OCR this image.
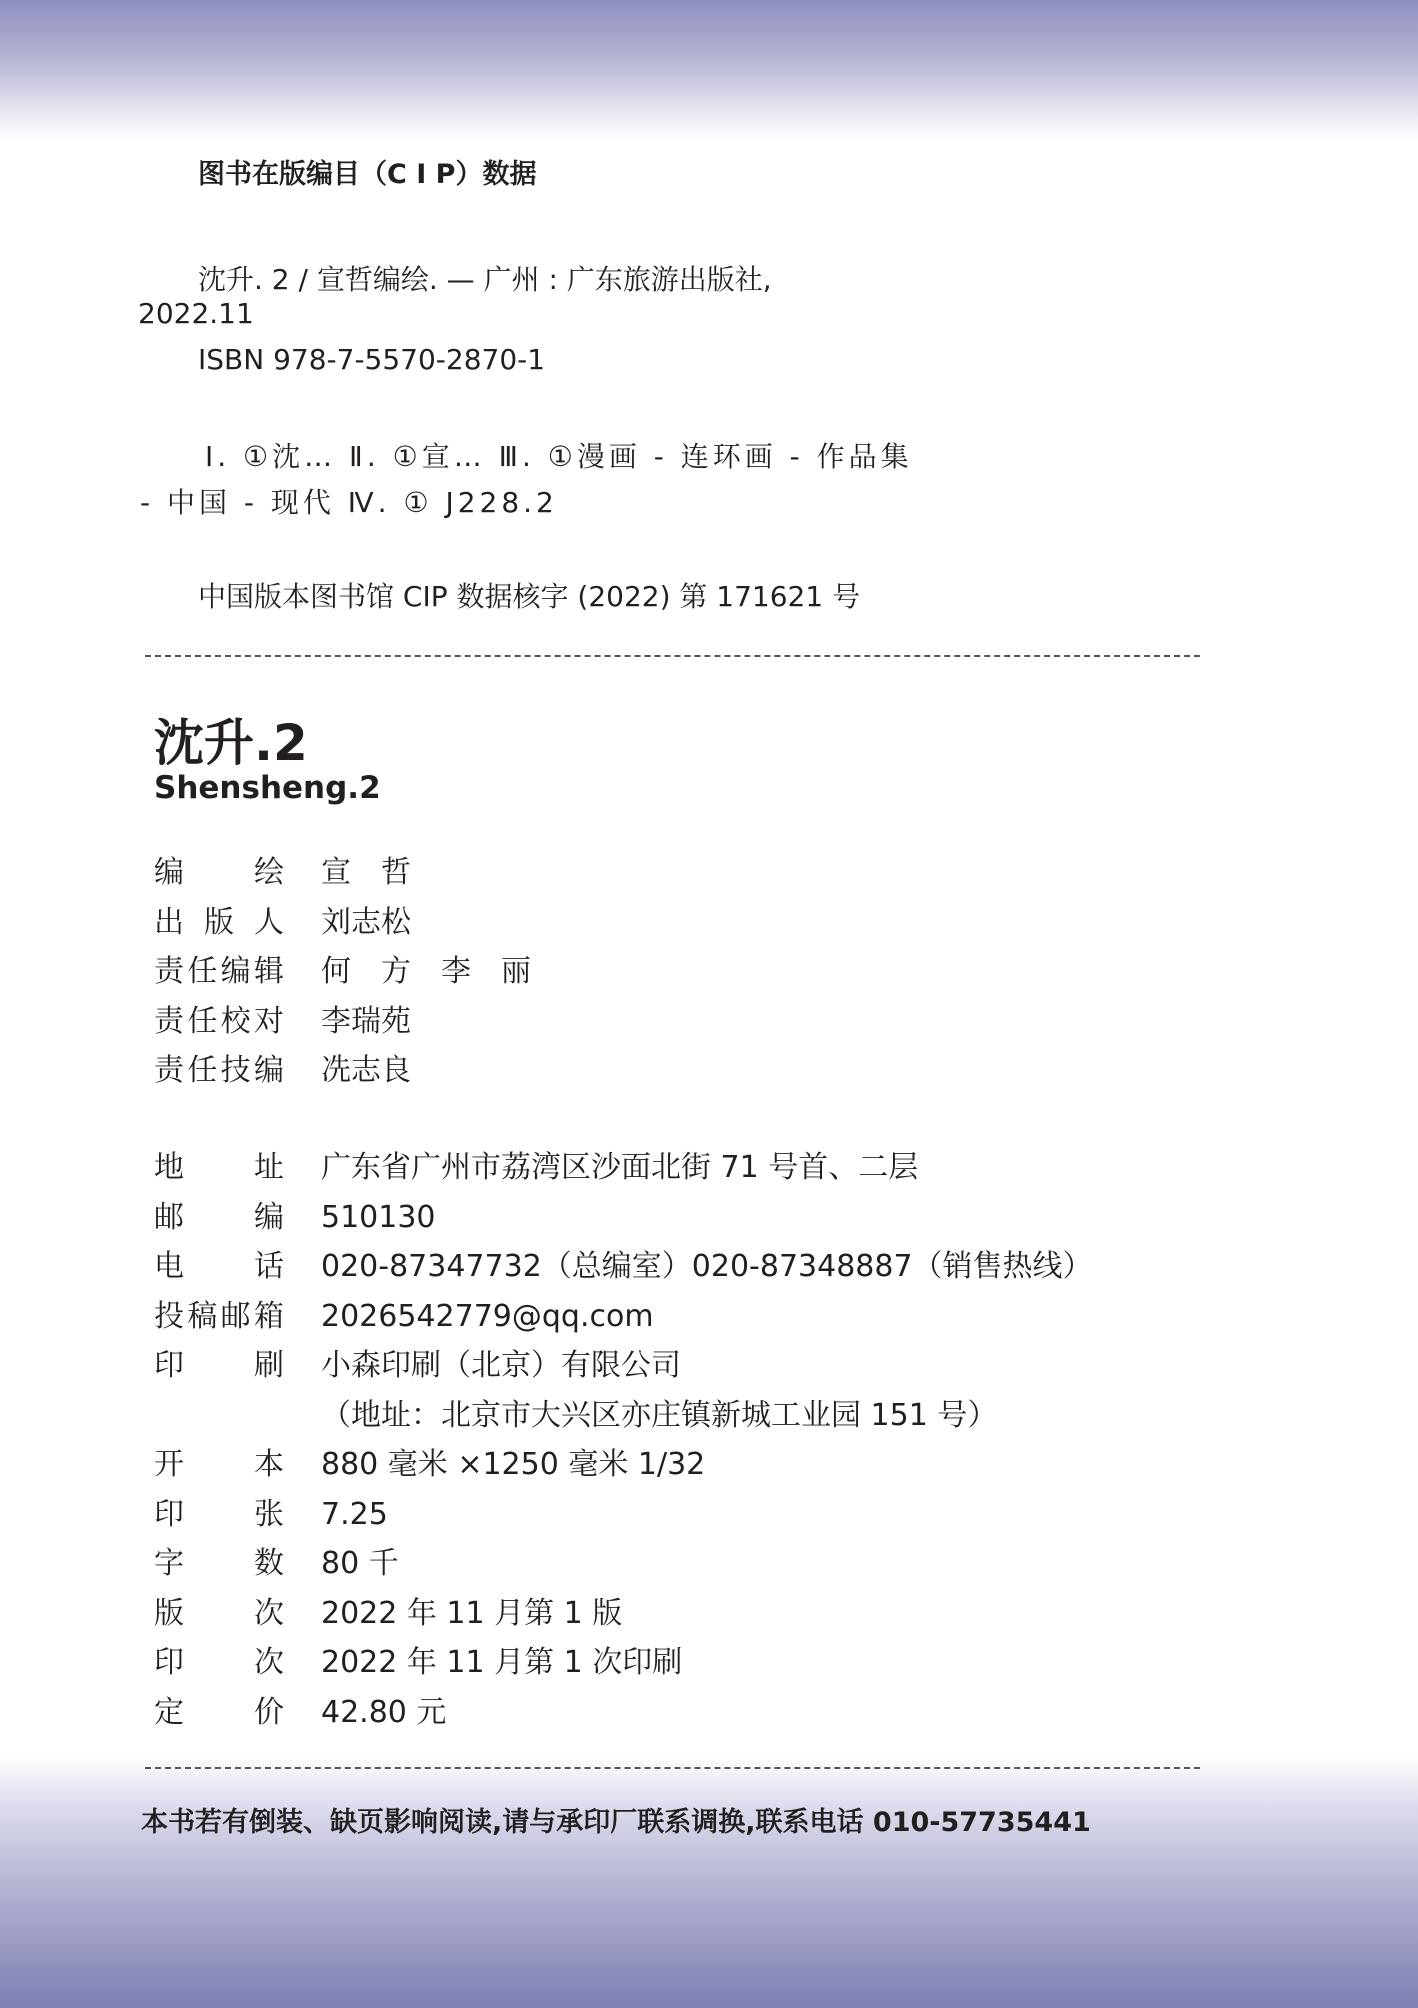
图书在版编目（C I P）数据
沈升. 2 / 宣哲编绘. — 广州 : 广东旅游出版社,
2022.11
ISBN 978-7-5570-2870-1
Ⅰ. ①沈… Ⅱ. ①宣… Ⅲ. ①漫画 - 连环画 - 作品集
- 中国 - 现代 Ⅳ. ① J228.2
中国版本图书馆 CIP 数据核字 (2022) 第 171621 号
沈升.2
Shensheng.2
编 绘 宣　哲
出 版 人 刘志松
责 任 编 辑 何　方　李　丽
责 任 校 对 李瑞苑
责 任 技 编 冼志良
地 址 广东省广州市荔湾区沙面北街 71 号首、二层
邮 编 510130
电 话 020-87347732（总编室）020-87348887（销售热线）
投 稿 邮 箱 2026542779@qq.com
印 刷 小森印刷（北京）有限公司
（地址：北京市大兴区亦庄镇新城工业园 151 号）
开 本 880 毫米 ×1250 毫米 1/32
印 张 7.25
字 数 80 千
版 次 2022 年 11 月第 1 版
印 次 2022 年 11 月第 1 次印刷
定 价 42.80 元
本书若有倒装、缺页影响阅读,请与承印厂联系调换,联系电话 010-57735441
